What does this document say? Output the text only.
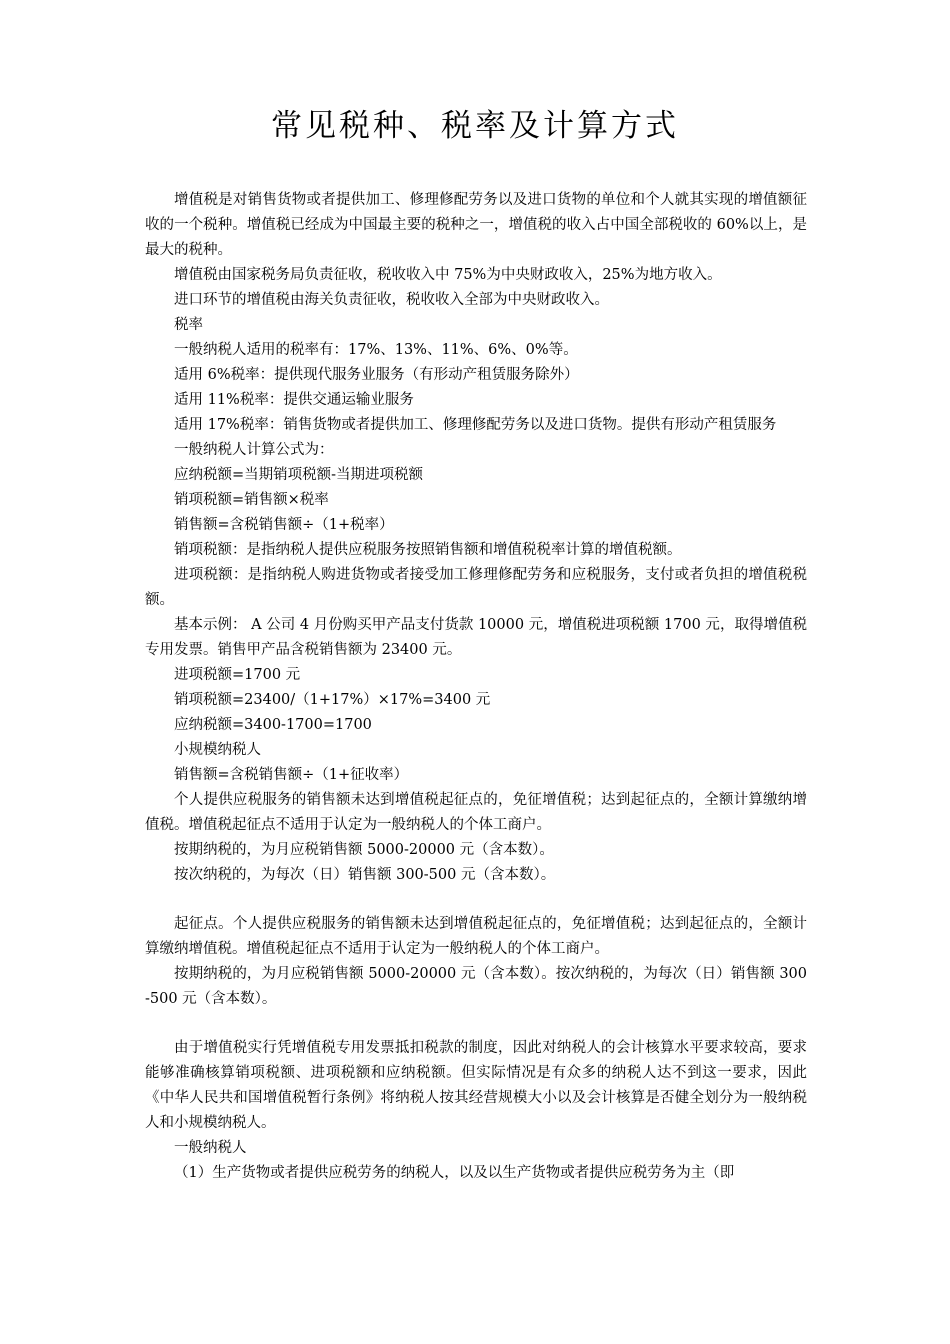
常见税种、税率及计算方式

增值税是对销售货物或者提供加工、修理修配劳务以及进口货物的单位和个人就其实现的增值额征收的一个税种。增值税已经成为中国最主要的税种之一，增值税的收入占中国全部税收的 60%以上，是最大的税种。

增值税由国家税务局负责征收，税收收入中 75%为中央财政收入，25%为地方收入。

进口环节的增值税由海关负责征收，税收收入全部为中央财政收入。

税率

一般纳税人适用的税率有：17%、13%、11%、6%、0%等。

适用 6%税率：提供现代服务业服务（有形动产租赁服务除外）

适用 11%税率：提供交通运输业服务

适用 17%税率：销售货物或者提供加工、修理修配劳务以及进口货物。提供有形动产租赁服务

一般纳税人计算公式为：

应纳税额=当期销项税额-当期进项税额

销项税额=销售额×税率

销售额=含税销售额÷（1+税率）

销项税额：是指纳税人提供应税服务按照销售额和增值税税率计算的增值税额。

进项税额：是指纳税人购进货物或者接受加工修理修配劳务和应税服务，支付或者负担的增值税税额。

基本示例： A 公司 4 月份购买甲产品支付货款 10000 元，增值税进项税额 1700 元，取得增值税专用发票。销售甲产品含税销售额为 23400 元。

进项税额=1700 元

销项税额=23400/（1+17%）×17%=3400 元

应纳税额=3400-1700=1700

小规模纳税人

销售额=含税销售额÷（1+征收率）

个人提供应税服务的销售额未达到增值税起征点的，免征增值税；达到起征点的，全额计算缴纳增值税。增值税起征点不适用于认定为一般纳税人的个体工商户。

按期纳税的，为月应税销售额 5000-20000 元（含本数）。

按次纳税的，为每次（日）销售额 300-500 元（含本数）。

起征点。个人提供应税服务的销售额未达到增值税起征点的，免征增值税；达到起征点的，全额计算缴纳增值税。增值税起征点不适用于认定为一般纳税人的个体工商户。

按期纳税的，为月应税销售额 5000-20000 元（含本数）。按次纳税的，为每次（日）销售额 300-500 元（含本数）。

由于增值税实行凭增值税专用发票抵扣税款的制度，因此对纳税人的会计核算水平要求较高，要求能够准确核算销项税额、进项税额和应纳税额。但实际情况是有众多的纳税人达不到这一要求，因此《中华人民共和国增值税暂行条例》将纳税人按其经营规模大小以及会计核算是否健全划分为一般纳税人和小规模纳税人。

一般纳税人

（1）生产货物或者提供应税劳务的纳税人，以及以生产货物或者提供应税劳务为主（即
